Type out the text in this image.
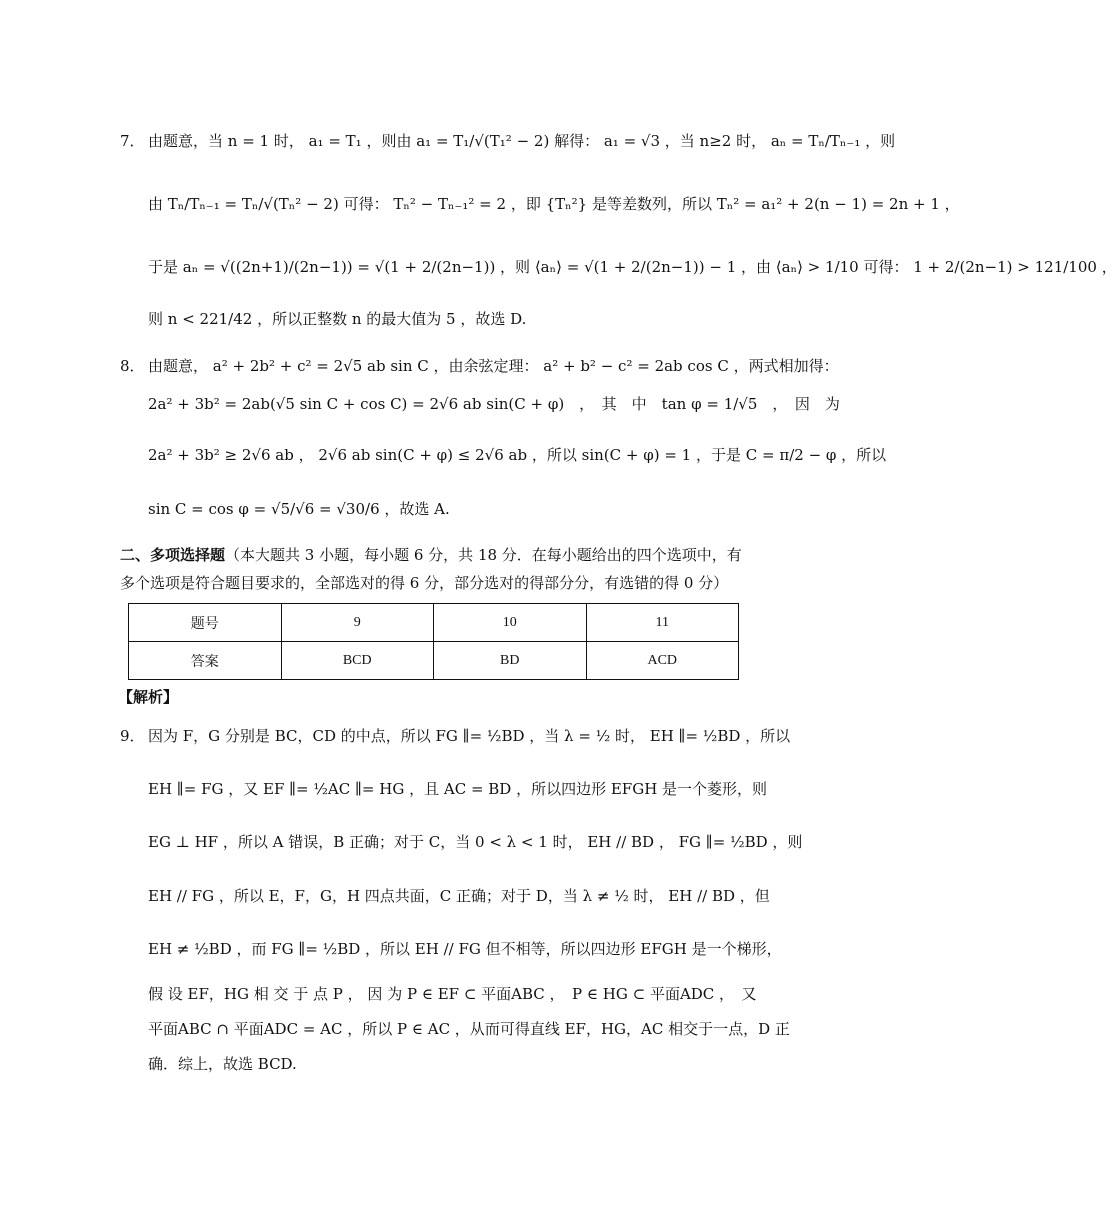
7． 由题意，当 n = 1 时， a₁ = T₁ ，则由 a₁ = T₁/√(T₁² − 2) 解得： a₁ = √3 ，当 n≥2 时， aₙ = Tₙ/Tₙ₋₁ ，则
由 Tₙ/Tₙ₋₁ = Tₙ/√(Tₙ² − 2) 可得： Tₙ² − Tₙ₋₁² = 2 ，即 {Tₙ²} 是等差数列，所以 Tₙ² = a₁² + 2(n − 1) = 2n + 1 ，
于是 aₙ = √((2n+1)/(2n−1)) = √(1 + 2/(2n−1)) ，则 ⟨aₙ⟩ = √(1 + 2/(2n−1)) − 1 ，由 ⟨aₙ⟩ > 1/10 可得： 1 + 2/(2n−1) > 121/100 ，
则 n < 221/42 ，所以正整数 n 的最大值为 5 ，故选 D.
8． 由题意， a² + 2b² + c² = 2√5 ab sin C ，由余弦定理： a² + b² − c² = 2ab cos C ，两式相加得：
2a² + 3b² = 2ab(√5 sin C + cos C) = 2√6 ab sin(C + φ)　，　其　中　tan φ = 1/√5　，　因　为
2a² + 3b² ≥ 2√6 ab ， 2√6 ab sin(C + φ) ≤ 2√6 ab ，所以 sin(C + φ) = 1 ，于是 C = π/2 − φ ，所以
sin C = cos φ = √5/√6 = √30/6 ，故选 A.
二、多项选择题（本大题共 3 小题，每小题 6 分，共 18 分．在每小题给出的四个选项中，有
多个选项是符合题目要求的，全部选对的得 6 分，部分选对的得部分分，有选错的得 0 分）
题号	9	10	11
答案	BCD	BD	ACD
【解析】
9． 因为 F，G 分别是 BC，CD 的中点，所以 FG ∥= ½BD ，当 λ = ½ 时， EH ∥= ½BD ，所以
EH ∥= FG ，又 EF ∥= ½AC ∥= HG ，且 AC = BD ，所以四边形 EFGH 是一个菱形，则
EG ⊥ HF ，所以 A 错误，B 正确；对于 C，当 0 < λ < 1 时， EH // BD ， FG ∥= ½BD ，则
EH // FG ，所以 E，F，G，H 四点共面，C 正确；对于 D，当 λ ≠ ½ 时， EH // BD ，但
EH ≠ ½BD ，而 FG ∥= ½BD ，所以 EH // FG 但不相等，所以四边形 EFGH 是一个梯形，
假 设 EF，HG 相 交 于 点 P ， 因 为 P ∈ EF ⊂ 平面ABC ，　P ∈ HG ⊂ 平面ADC ，　又
平面ABC ∩ 平面ADC = AC ，所以 P ∈ AC ，从而可得直线 EF，HG，AC 相交于一点，D 正
确．综上，故选 BCD.
